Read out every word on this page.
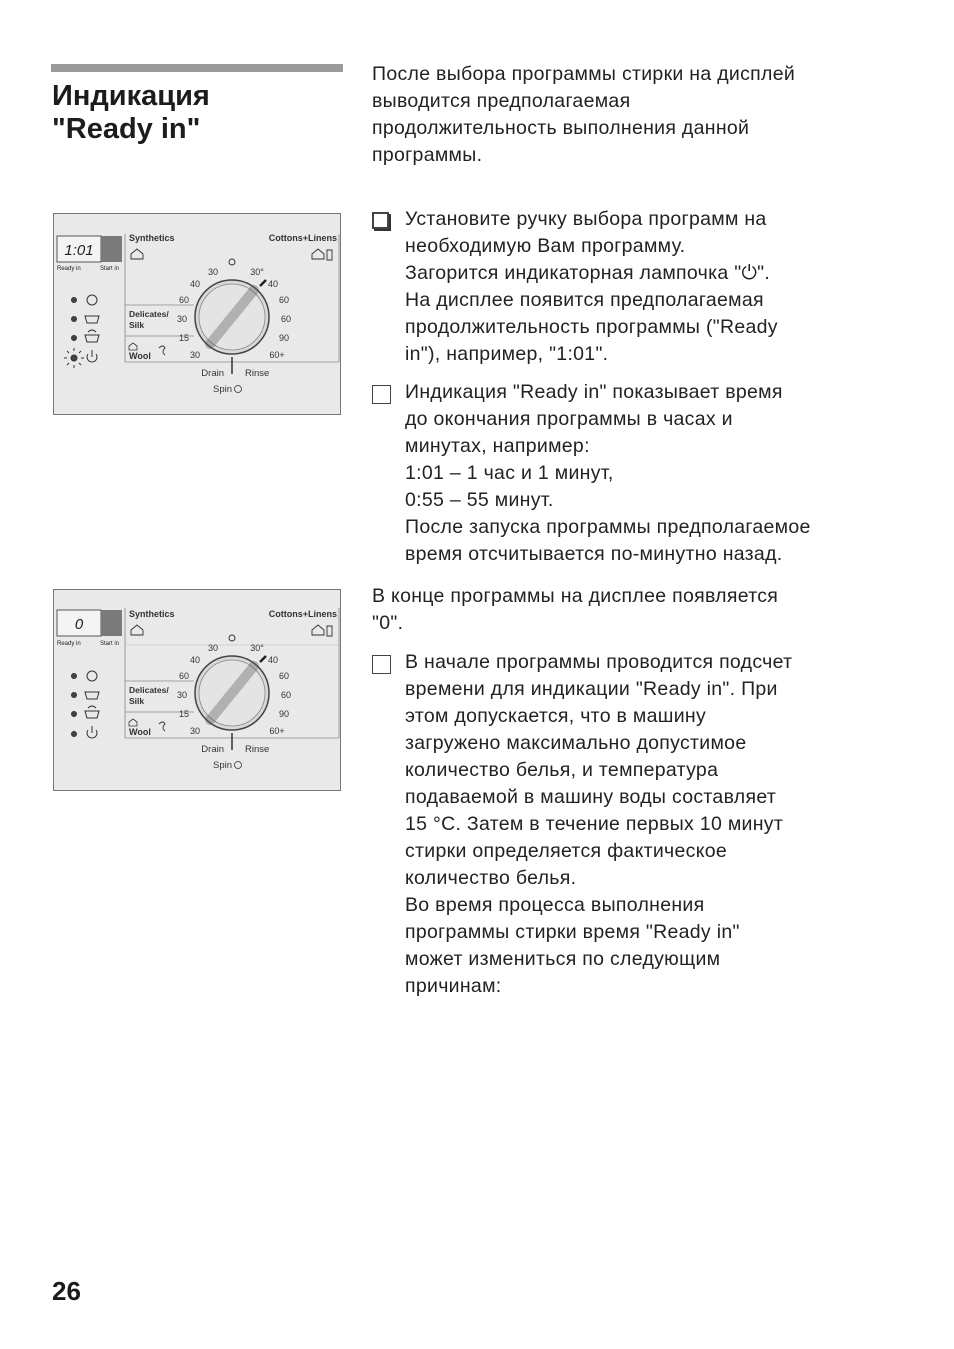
Индикация
"Ready in"
После выбора программы стирки на дисплей
выводится предполагаемая
продолжительность выполнения данной
программы.
Установите ручку выбора программ на
необходимую Вам программу.
Загорится индикаторная лампочка "⏻".
На дисплее появится предполагаемая
продолжительность программы ("Ready
in"), например, "1:01".
Индикация "Ready in" показывает время
до окончания программы в часах и
минутах, например:
1:01 – 1 час и 1 минут,
0:55 – 55 минут.
После запуска программы предполагаемое
время отсчитывается по-минутно назад.
В конце программы на дисплее появляется
"0".
В начале программы проводится подсчет
времени для индикации "Ready in". При
этом допускается, что в машину
загружено максимально допустимое
количество белья, и температура
подаваемой в машину воды составляет
15 °C. Затем в течение первых 10 минут
стирки определяется фактическое
количество белья.
Во время процесса выполнения
программы стирки время "Ready in"
может измениться по следующим
причинам:
1:01
Ready in	Start in
Synthetics	Cottons+Linens
Delicates/
Silk
Wool
30	30°
40	40
60	60
30	60
15	90
30	60+
Drain Rinse
Spin
0
Ready in	Start in
Synthetics	Cottons+Linens
Delicates/
Silk
Wool
30	30°
40	40
60	60
30	60
15	90
30	60+
Drain Rinse
Spin
26
